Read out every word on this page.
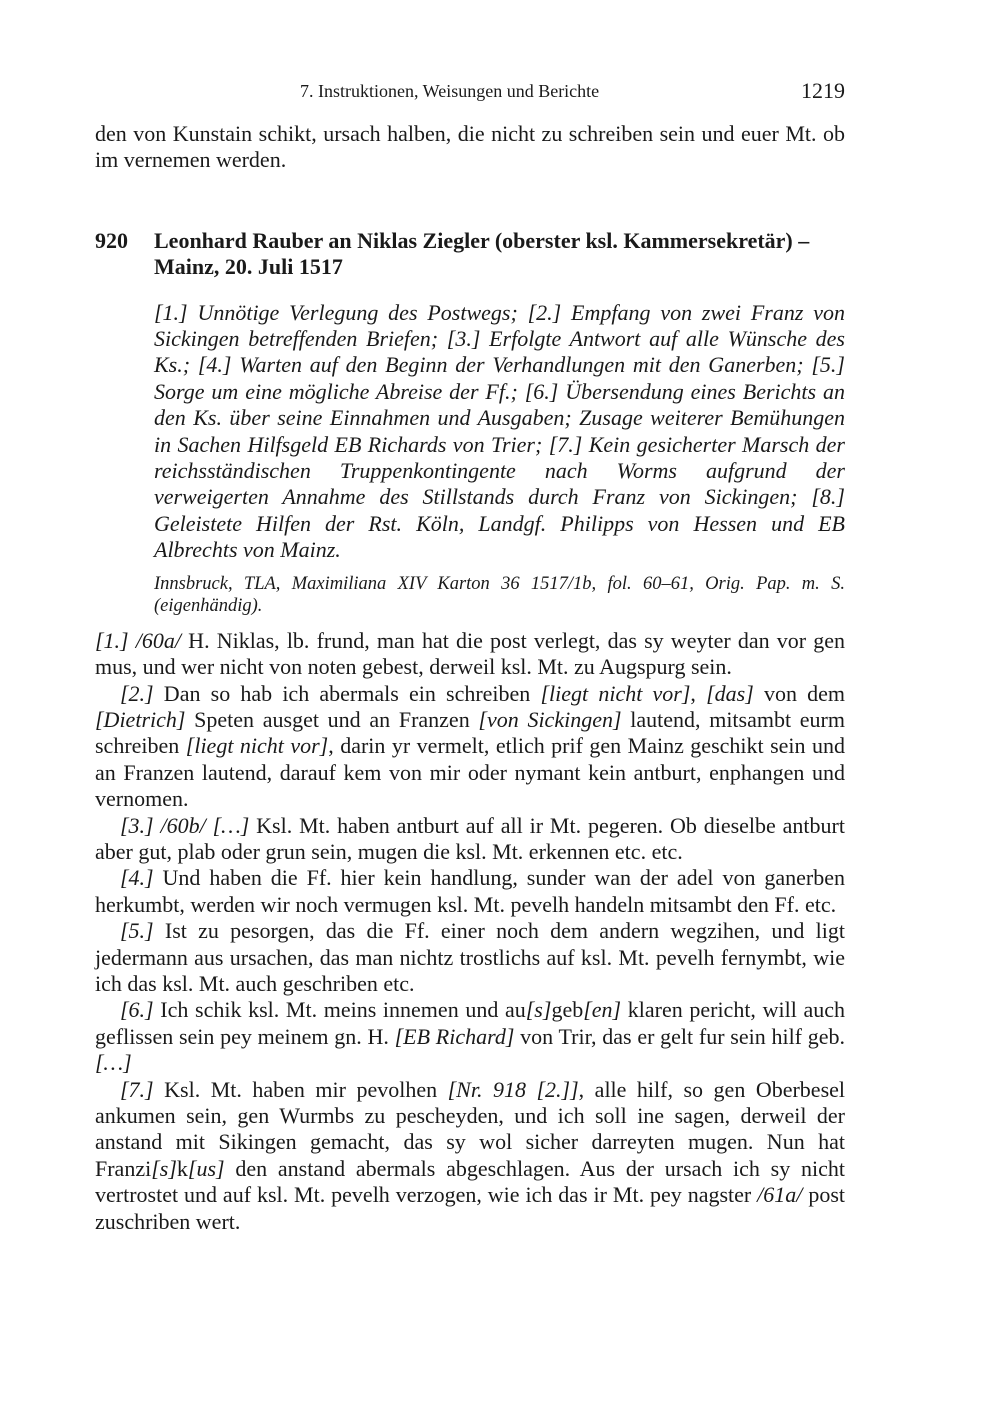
7. Instruktionen, Weisungen und Berichte	1219

den von Kunstain schikt, ursach halben, die nicht zu schreiben sein und euer Mt. ob im vernemen werden.

920 Leonhard Rauber an Niklas Ziegler (oberster ksl. Kammersekretär) – Mainz, 20. Juli 1517
[1.] Unnötige Verlegung des Postwegs; [2.] Empfang von zwei Franz von Sickingen betreffenden Briefen; [3.] Erfolgte Antwort auf alle Wünsche des Ks.; [4.] Warten auf den Beginn der Verhandlungen mit den Ganerben; [5.] Sorge um eine mögliche Abreise der Ff.; [6.] Übersendung eines Berichts an den Ks. über seine Einnahmen und Ausgaben; Zusage weiterer Bemühungen in Sachen Hilfsgeld EB Richards von Trier; [7.] Kein gesicherter Marsch der reichsständischen Truppenkontingente nach Worms aufgrund der verweigerten Annahme des Stillstands durch Franz von Sickingen; [8.] Geleistete Hilfen der Rst. Köln, Landgf. Philipps von Hessen und EB Albrechts von Mainz.
Innsbruck, TLA, Maximiliana XIV Karton 36 1517/1b, fol. 60–61, Orig. Pap. m. S. (eigenhändig).

[1.] /60a/ H. Niklas, lb. frund, man hat die post verlegt, das sy weyter dan vor gen mus, und wer nicht von noten gebest, derweil ksl. Mt. zu Augspurg sein.

[2.] Dan so hab ich abermals ein schreiben [liegt nicht vor], [das] von dem [Dietrich] Speten ausget und an Franzen [von Sickingen] lautend, mitsambt eurm schreiben [liegt nicht vor], darin yr vermelt, etlich prif gen Mainz geschikt sein und an Franzen lautend, darauf kem von mir oder nymant kein antburt, enphangen und vernomen.

[3.] /60b/ […] Ksl. Mt. haben antburt auf all ir Mt. pegeren. Ob dieselbe antburt aber gut, plab oder grun sein, mugen die ksl. Mt. erkennen etc. etc.

[4.] Und haben die Ff. hier kein handlung, sunder wan der adel von ganerben herkumbt, werden wir noch vermugen ksl. Mt. pevelh handeln mitsambt den Ff. etc.

[5.] Ist zu pesorgen, das die Ff. einer noch dem andern wegzihen, und ligt jedermann aus ursachen, das man nichtz trostlichs auf ksl. Mt. pevelh fernymbt, wie ich das ksl. Mt. auch geschriben etc.

[6.] Ich schik ksl. Mt. meins innemen und au[s]geb[en] klaren pericht, will auch geflissen sein pey meinem gn. H. [EB Richard] von Trir, das er gelt fur sein hilf geb. […]

[7.] Ksl. Mt. haben mir pevolhen [Nr. 918 [2.]], alle hilf, so gen Oberbesel ankumen sein, gen Wurmbs zu pescheyden, und ich soll ine sagen, derweil der anstand mit Sikingen gemacht, das sy wol sicher darreyten mugen. Nun hat Franzi[s]k[us] den anstand abermals abgeschlagen. Aus der ursach ich sy nicht vertrostet und auf ksl. Mt. pevelh verzogen, wie ich das ir Mt. pey nagster /61a/ post zuschriben wert.
